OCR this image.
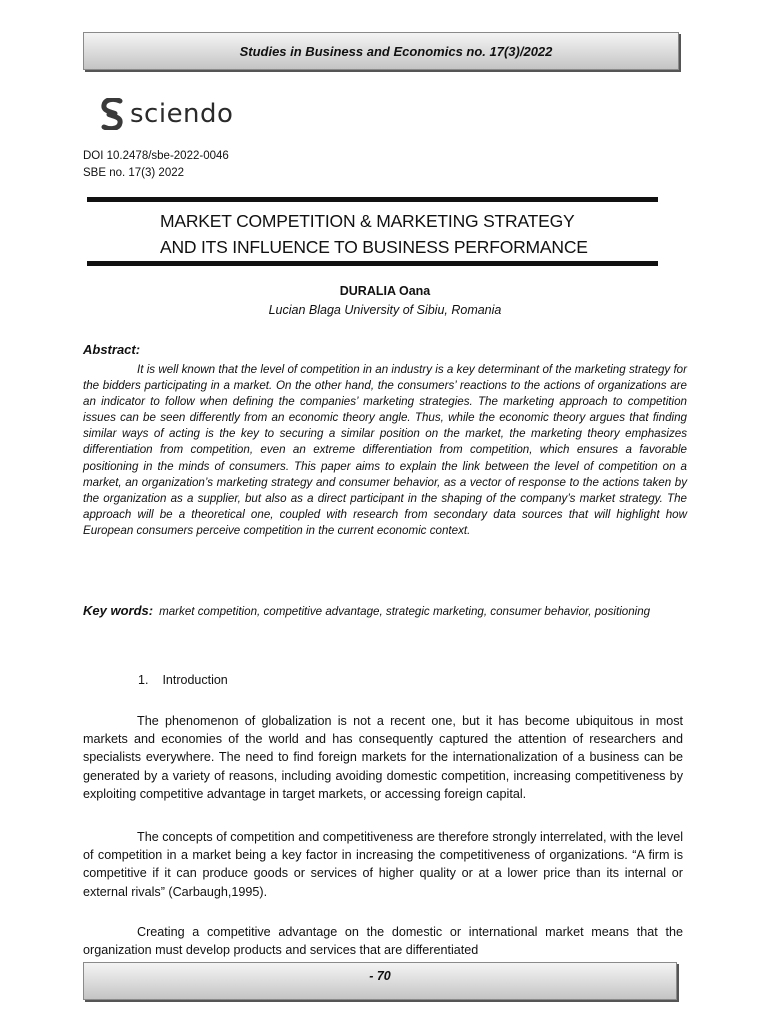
Studies in Business and Economics no. 17(3)/2022
sciendo
DOI 10.2478/sbe-2022-0046
SBE no. 17(3) 2022
MARKET COMPETITION & MARKETING STRATEGY
AND ITS INFLUENCE TO BUSINESS PERFORMANCE
DURALIA Oana
Lucian Blaga University of Sibiu, Romania
Abstract:

It is well known that the level of competition in an industry is a key determinant of the marketing strategy for the bidders participating in a market. On the other hand, the consumers’ reactions to the actions of organizations are an indicator to follow when defining the companies’ marketing strategies. The marketing approach to competition issues can be seen differently from an economic theory angle. Thus, while the economic theory argues that finding similar ways of acting is the key to securing a similar position on the market, the marketing theory emphasizes differentiation from competition, even an extreme differentiation from competition, which ensures a favorable positioning in the minds of consumers. This paper aims to explain the link between the level of competition on a market, an organization’s marketing strategy and consumer behavior, as a vector of response to the actions taken by the organization as a supplier, but also as a direct participant in the shaping of the company’s market strategy. The approach will be a theoretical one, coupled with research from secondary data sources that will highlight how European consumers perceive competition in the current economic context.

Key words: market competition, competitive advantage, strategic marketing, consumer behavior, positioning

1. Introduction

The phenomenon of globalization is not a recent one, but it has become ubiquitous in most markets and economies of the world and has consequently captured the attention of researchers and specialists everywhere. The need to find foreign markets for the internationalization of a business can be generated by a variety of reasons, including avoiding domestic competition, increasing competitiveness by exploiting competitive advantage in target markets, or accessing foreign capital.

The concepts of competition and competitiveness are therefore strongly interrelated, with the level of competition in a market being a key factor in increasing the competitiveness of organizations. “A firm is competitive if it can produce goods or services of higher quality or at a lower price than its internal or external rivals” (Carbaugh,1995).

Creating a competitive advantage on the domestic or international market means that the organization must develop products and services that are differentiated

- 70
